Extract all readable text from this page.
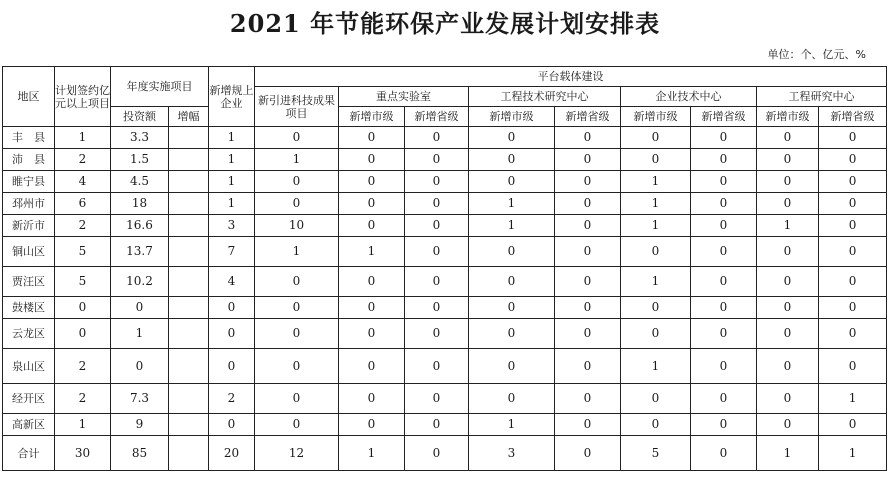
2021 年节能环保产业发展计划安排表
单位：个、亿元、%
地区	计划签约亿元以上项目	年度实施项目		新增规上企业	平台载体建设								
					新引进科技成果项目	重点实验室		工程技术研究中心		企业技术中心		工程研究中心	
		投资额	增幅			新增市级	新增省级	新增市级	新增省级	新增市级	新增省级	新增市级	新增省级
丰　县	1	3.3		1	0	0	0	0	0	0	0	0	0
沛　县	2	1.5		1	1	0	0	0	0	0	0	0	0
睢宁县	4	4.5		1	0	0	0	0	0	1	0	0	0
邳州市	6	18		1	0	0	0	1	0	1	0	0	0
新沂市	2	16.6		3	10	0	0	1	0	1	0	1	0
铜山区	5	13.7		7	1	1	0	0	0	0	0	0	0
贾汪区	5	10.2		4	0	0	0	0	0	1	0	0	0
鼓楼区	0	0		0	0	0	0	0	0	0	0	0	0
云龙区	0	1		0	0	0	0	0	0	0	0	0	0
泉山区	2	0		0	0	0	0	0	0	1	0	0	0
经开区	2	7.3		2	0	0	0	0	0	0	0	0	1
高新区	1	9		0	0	0	0	1	0	0	0	0	0
合计	30	85		20	12	1	0	3	0	5	0	1	1
